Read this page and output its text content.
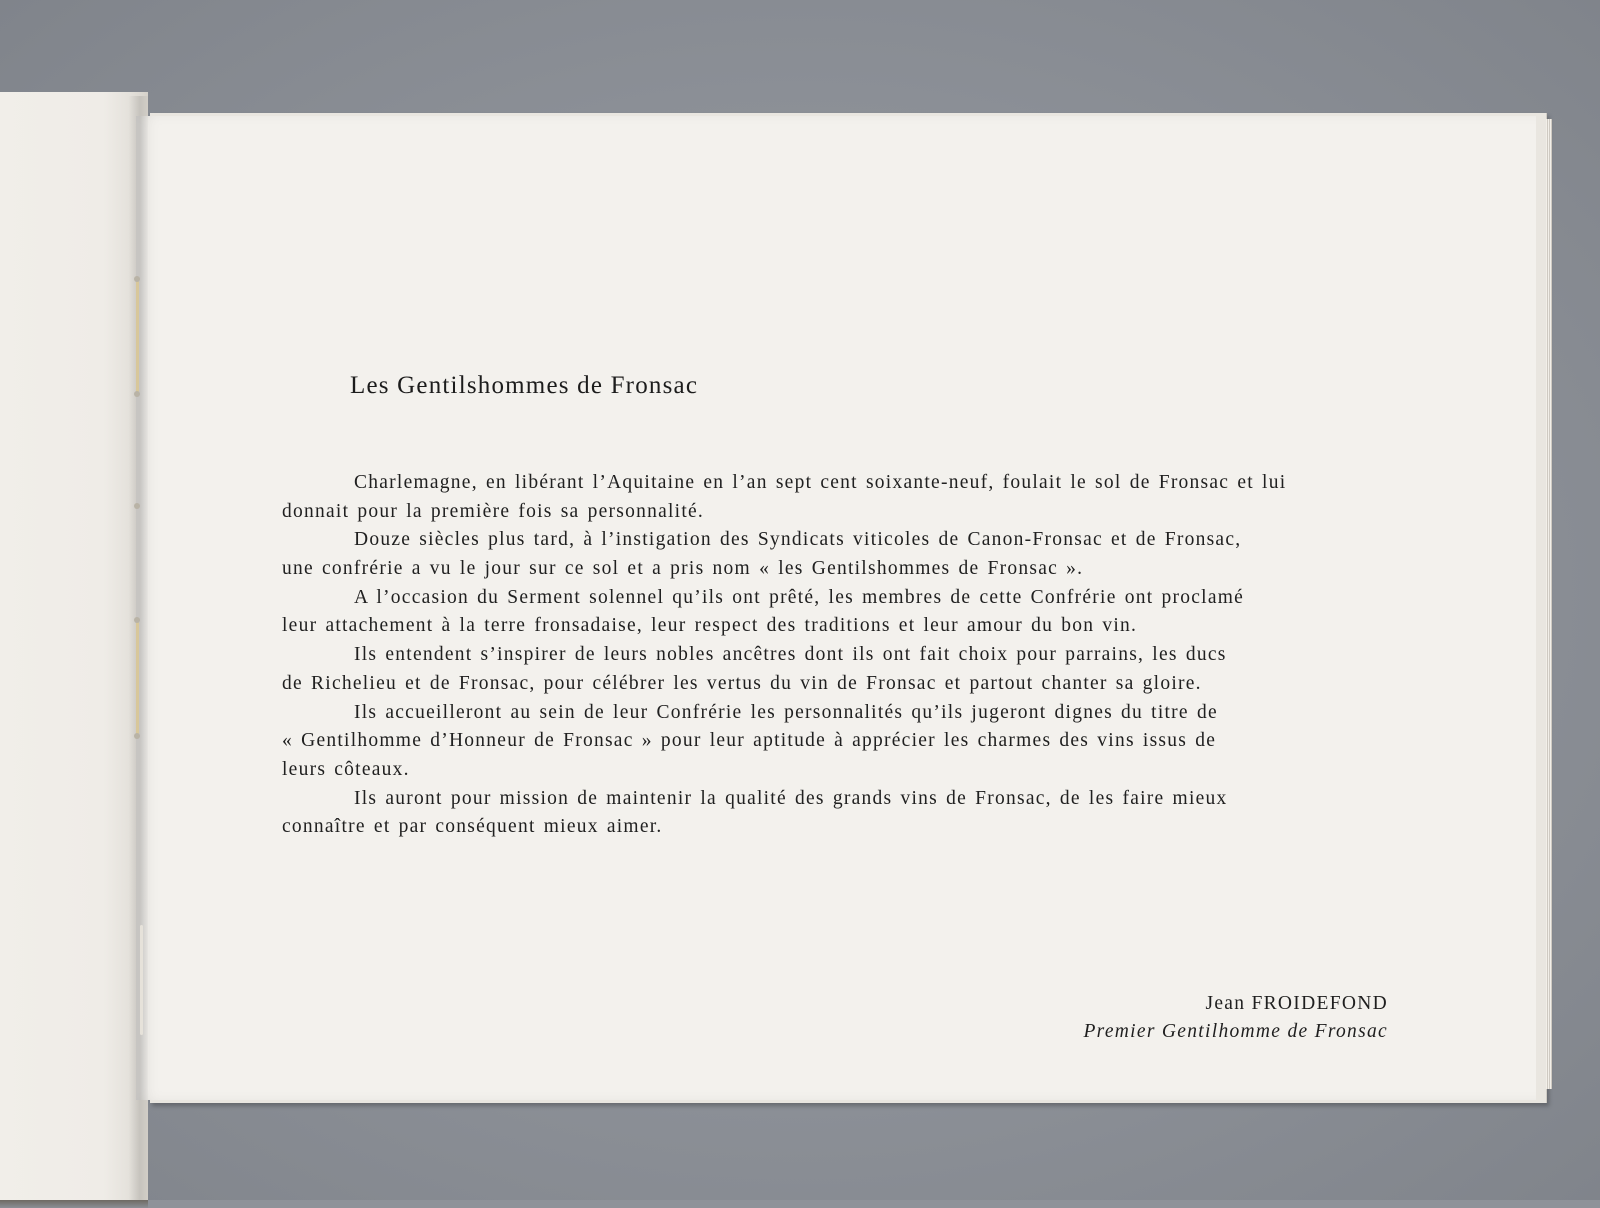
Les Gentilshommes de Fronsac
Charlemagne, en libérant l’Aquitaine en l’an sept cent soixante-neuf, foulait le sol de Fronsac et lui
donnait pour la première fois sa personnalité.
Douze siècles plus tard, à l’instigation des Syndicats viticoles de Canon-Fronsac et de Fronsac,
une confrérie a vu le jour sur ce sol et a pris nom « les Gentilshommes de Fronsac ».
A l’occasion du Serment solennel qu’ils ont prêté, les membres de cette Confrérie ont proclamé
leur attachement à la terre fronsadaise, leur respect des traditions et leur amour du bon vin.
Ils entendent s’inspirer de leurs nobles ancêtres dont ils ont fait choix pour parrains, les ducs
de Richelieu et de Fronsac, pour célébrer les vertus du vin de Fronsac et partout chanter sa gloire.
Ils accueilleront au sein de leur Confrérie les personnalités qu’ils jugeront dignes du titre de
« Gentilhomme d’Honneur de Fronsac » pour leur aptitude à apprécier les charmes des vins issus de
leurs côteaux.
Ils auront pour mission de maintenir la qualité des grands vins de Fronsac, de les faire mieux
connaître et par conséquent mieux aimer.
Jean FROIDEFOND
Premier Gentilhomme de Fronsac
